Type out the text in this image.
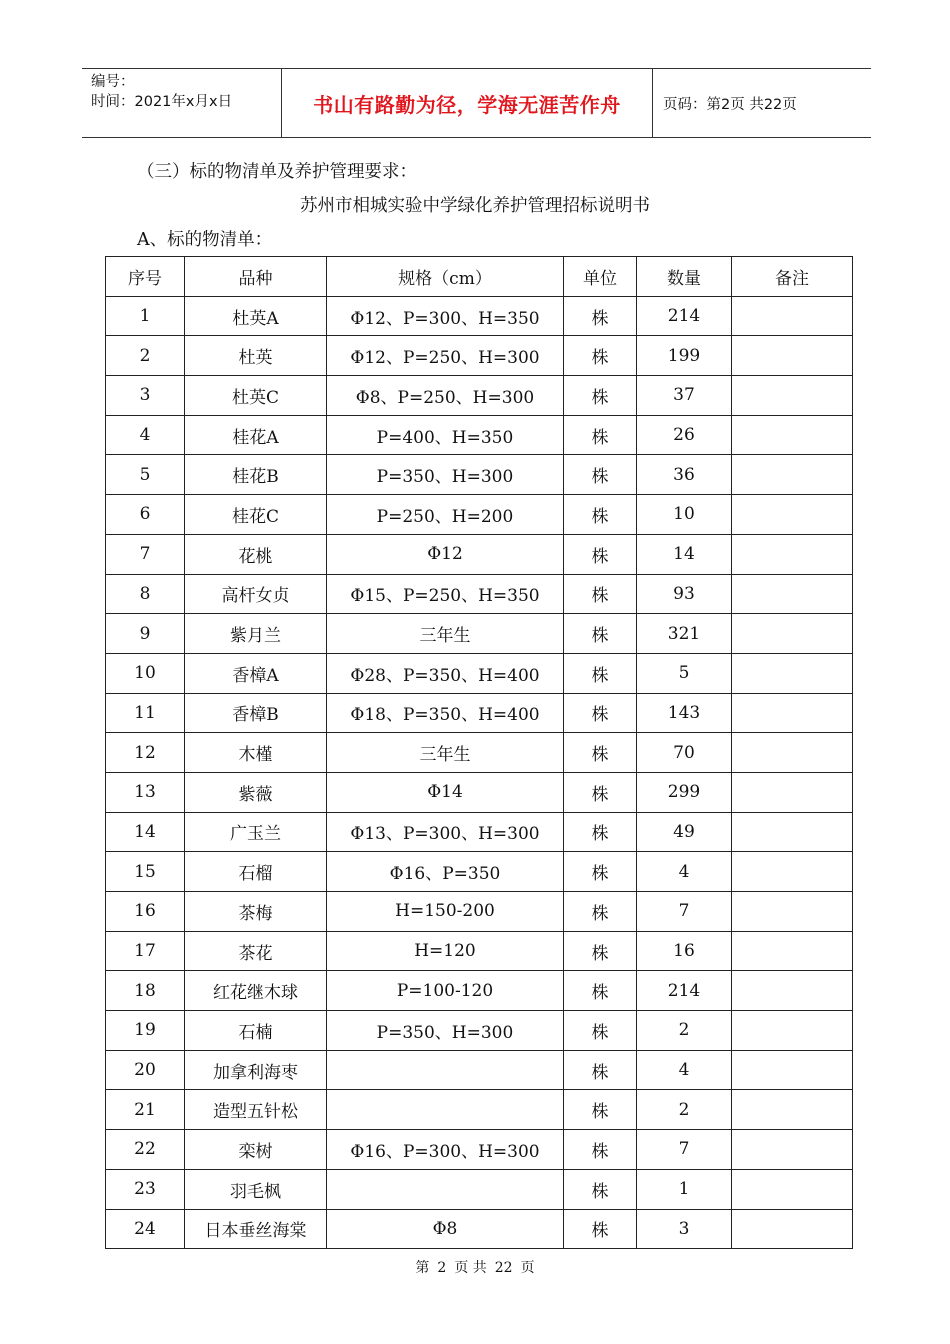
编号：
时间：2021年x月x日	书山有路勤为径，学海无涯苦作舟	页码：第2页 共22页
（三）标的物清单及养护管理要求：
苏州市相城实验中学绿化养护管理招标说明书
A、标的物清单：
序号	品种	规格（cm）	单位	数量	备注
1	杜英A	Φ12、P=300、H=350	株	214	
2	杜英	Φ12、P=250、H=300	株	199	
3	杜英C	Φ8、P=250、H=300	株	37	
4	桂花A	P=400、H=350	株	26	
5	桂花B	P=350、H=300	株	36	
6	桂花C	P=250、H=200	株	10	
7	花桃	Φ12	株	14	
8	高杆女贞	Φ15、P=250、H=350	株	93	
9	紫月兰	三年生	株	321	
10	香樟A	Φ28、P=350、H=400	株	5	
11	香樟B	Φ18、P=350、H=400	株	143	
12	木槿	三年生	株	70	
13	紫薇	Φ14	株	299	
14	广玉兰	Φ13、P=300、H=300	株	49	
15	石榴	Φ16、P=350	株	4	
16	茶梅	H=150-200	株	7	
17	茶花	H=120	株	16	
18	红花继木球	P=100-120	株	214	
19	石楠	P=350、H=300	株	2	
20	加拿利海枣		株	4	
21	造型五针松		株	2	
22	栾树	Φ16、P=300、H=300	株	7	
23	羽毛枫		株	1	
24	日本垂丝海棠	Φ8	株	3	
第 2 页 共 22 页
